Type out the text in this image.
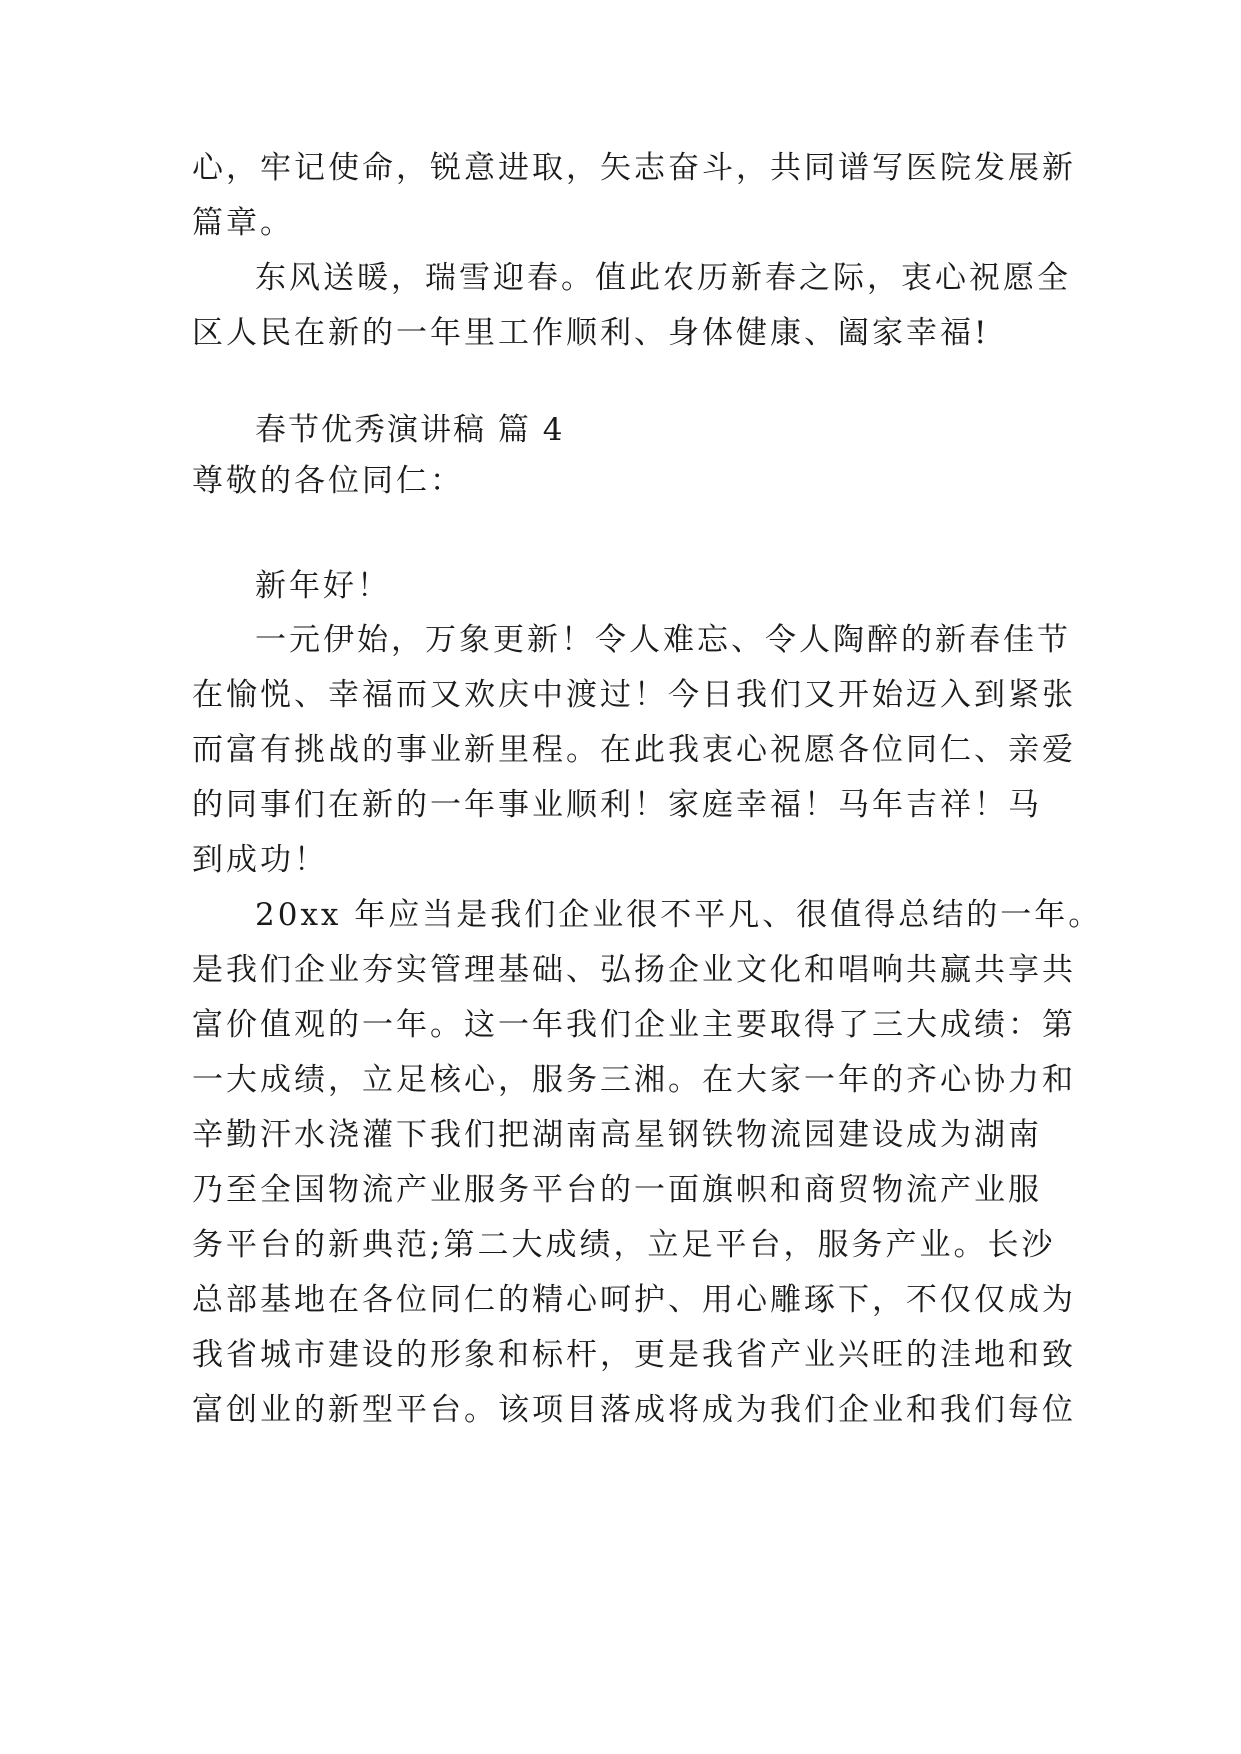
心，牢记使命，锐意进取，矢志奋斗，共同谱写医院发展新
篇章。
东风送暖，瑞雪迎春。值此农历新春之际，衷心祝愿全
区人民在新的一年里工作顺利、身体健康、阖家幸福!
春节优秀演讲稿 篇 4
尊敬的各位同仁：
新年好！
一元伊始，万象更新！令人难忘、令人陶醉的新春佳节
在愉悦、幸福而又欢庆中渡过！今日我们又开始迈入到紧张
而富有挑战的事业新里程。在此我衷心祝愿各位同仁、亲爱
的同事们在新的一年事业顺利！家庭幸福！马年吉祥！马
到成功！
20xx 年应当是我们企业很不平凡、很值得总结的一年。
是我们企业夯实管理基础、弘扬企业文化和唱响共赢共享共
富价值观的一年。这一年我们企业主要取得了三大成绩：第
一大成绩，立足核心，服务三湘。在大家一年的齐心协力和
辛勤汗水浇灌下我们把湖南高星钢铁物流园建设成为湖南
乃至全国物流产业服务平台的一面旗帜和商贸物流产业服
务平台的新典范;第二大成绩，立足平台，服务产业。长沙
总部基地在各位同仁的精心呵护、用心雕琢下，不仅仅成为
我省城市建设的形象和标杆，更是我省产业兴旺的洼地和致
富创业的新型平台。该项目落成将成为我们企业和我们每位
